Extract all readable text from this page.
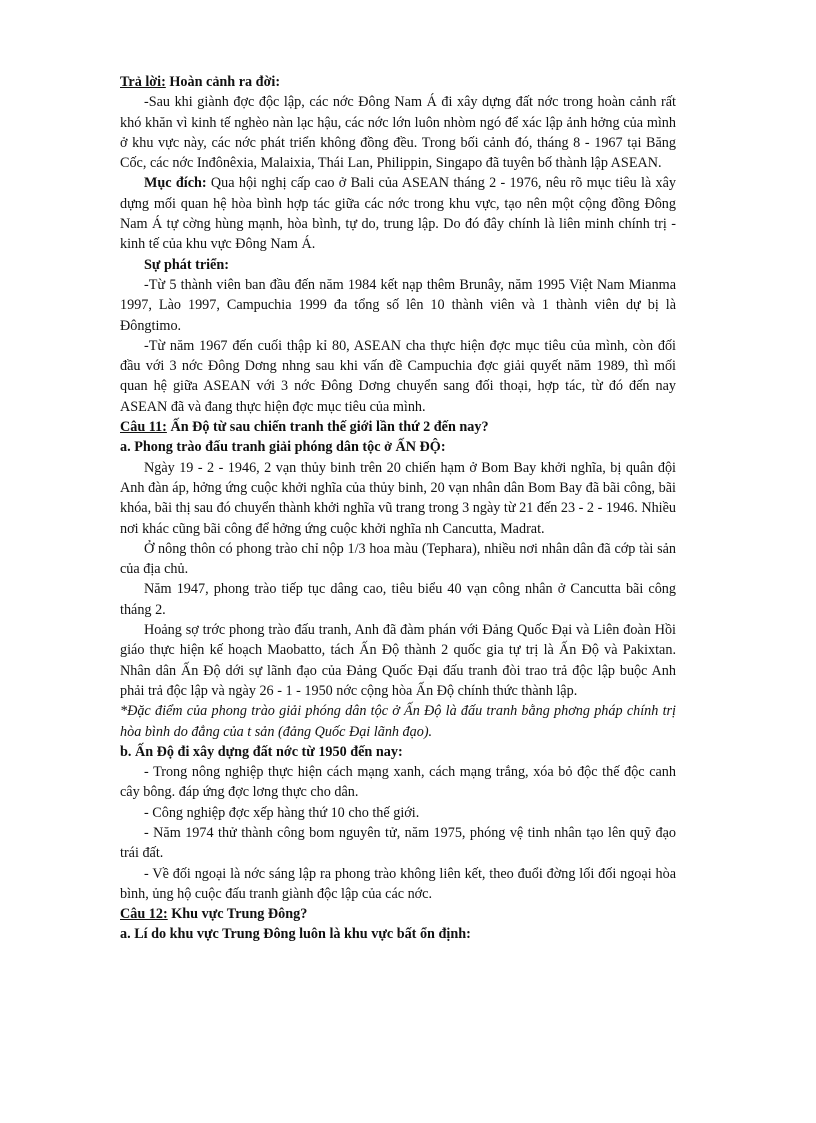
Trả lời: Hoàn cảnh ra đời:

-Sau khi giành đợc độc lập, các nớc Đông Nam Á đi xây dựng đất nớc trong hoàn cảnh rất khó khăn vì kinh tế nghèo nàn lạc hậu, các nớc lớn luôn nhòm ngó để xác lập ảnh hởng của mình ở khu vực này, các nớc phát triển không đồng đều. Trong bối cảnh đó, tháng 8 - 1967 tại Băng Cốc, các nớc Inđônêxia, Malaixia, Thái Lan, Philippin, Singapo đã tuyên bố thành lập ASEAN.

Mục đích: Qua hội nghị cấp cao ở Bali của ASEAN tháng 2 - 1976, nêu rõ mục tiêu là xây dựng mối quan hệ hòa bình hợp tác giữa các nớc trong khu vực, tạo nên một cộng đồng Đông Nam Á tự cờng hùng mạnh, hòa bình, tự do, trung lập. Do đó đây chính là liên minh chính trị - kinh tế của khu vực Đông Nam Á.

Sự phát triển:

-Từ 5 thành viên ban đầu đến năm 1984 kết nạp thêm Brunây, năm 1995 Việt Nam Mianma 1997, Lào 1997, Campuchia 1999 đa tổng số lên 10 thành viên và 1 thành viên dự bị là Đôngtimo.

-Từ năm 1967 đến cuối thập kỉ 80, ASEAN cha thực hiện đợc mục tiêu của mình, còn đối đầu với 3 nớc Đông Dơng nhng sau khi vấn đề Campuchia đợc giải quyết năm 1989, thì mối quan hệ giữa ASEAN với 3 nớc Đông Dơng chuyển sang đối thoại, hợp tác, từ đó đến nay ASEAN đã và đang thực hiện đợc mục tiêu của mình.

Câu 11: Ấn Độ từ sau chiến tranh thế giới lần thứ 2 đến nay?

a. Phong trào đấu tranh giải phóng dân tộc ở ẤN ĐỘ:

Ngày 19 - 2 - 1946, 2 vạn thủy binh trên 20 chiến hạm ở Bom Bay khởi nghĩa, bị quân đội Anh đàn áp, hởng ứng cuộc khởi nghĩa của thủy binh, 20 vạn nhân dân Bom Bay đã bãi công, bãi khóa, bãi thị sau đó chuyển thành khởi nghĩa vũ trang trong 3 ngày từ 21 đến 23 - 2 - 1946. Nhiều nơi khác cũng bãi công để hởng ứng cuộc khởi nghĩa nh Cancutta, Madrat.

Ở nông thôn có phong trào chỉ nộp 1/3 hoa màu (Tephara), nhiều nơi nhân dân đã cớp tài sản của địa chủ.

Năm 1947, phong trào tiếp tục dâng cao, tiêu biểu 40 vạn công nhân ở Cancutta bãi công tháng 2.

Hoảng sợ trớc phong trào đấu tranh, Anh đã đàm phán với Đảng Quốc Đại và Liên đoàn Hồi giáo thực hiện kế hoạch Maobatto, tách Ấn Độ thành 2 quốc gia tự trị là Ấn Độ và Pakixtan. Nhân dân Ấn Độ dới sự lãnh đạo của Đảng Quốc Đại đấu tranh đòi trao trả độc lập buộc Anh phải trả độc lập và ngày 26 - 1 - 1950 nớc cộng hòa Ấn Độ chính thức thành lập.

*Đặc điểm của phong trào giải phóng dân tộc ở Ấn Độ là đấu tranh bằng phơng pháp chính trị hòa bình do đẳng của t sản (đảng Quốc Đại lãnh đạo).

b. Ấn Độ đi xây dựng đất nớc từ 1950 đến nay:

- Trong nông nghiệp thực hiện cách mạng xanh, cách mạng trắng, xóa bỏ độc thế độc canh cây bông. đáp ứng đợc lơng thực cho dân.

- Công nghiệp đợc xếp hàng thứ 10 cho thế giới.

- Năm 1974 thử thành công bom nguyên tử, năm 1975, phóng vệ tinh nhân tạo lên quỹ đạo trái đất.

- Về đối ngoại là nớc sáng lập ra phong trào không liên kết, theo đuổi đờng lối đối ngoại hòa bình, ủng hộ cuộc đấu tranh giành độc lập của các nớc.

Câu 12: Khu vực Trung Đông?

a. Lí do khu vực Trung Đông luôn là khu vực bất ổn định:
